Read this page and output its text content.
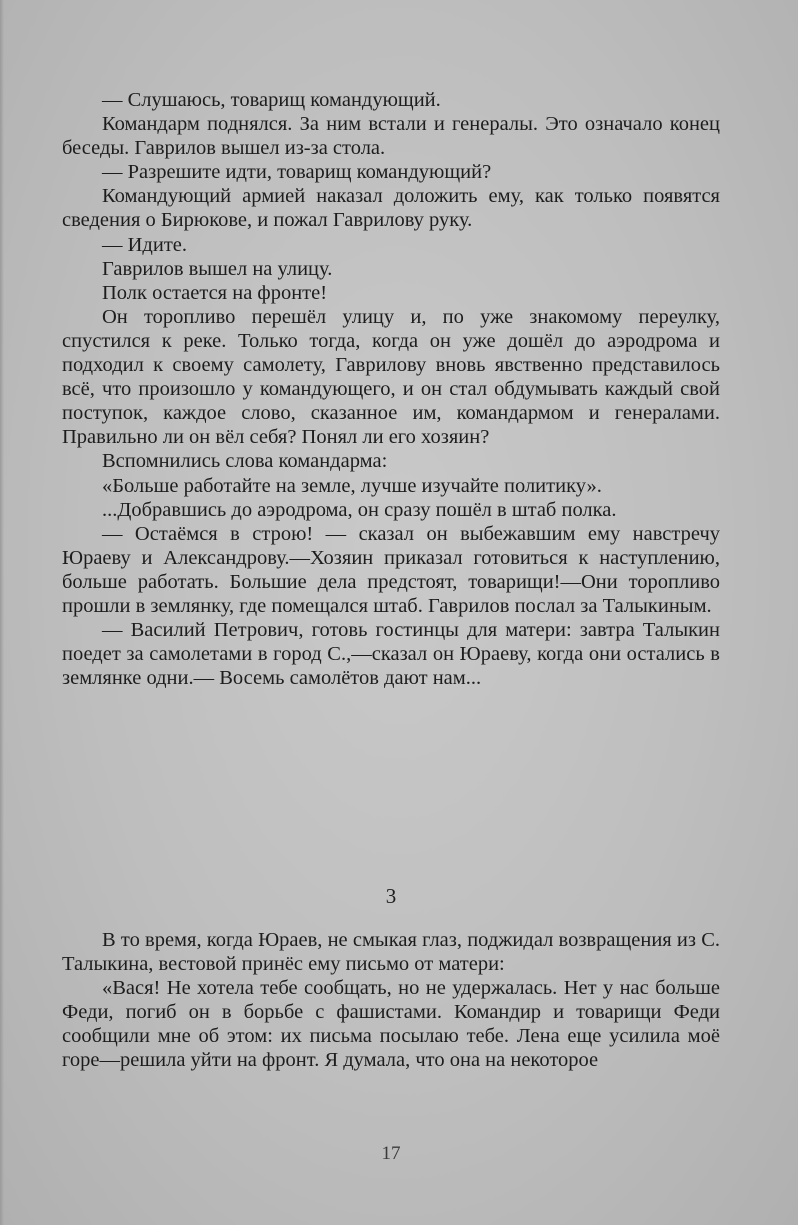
— Слушаюсь, товарищ командующий.

Командарм поднялся. За ним встали и генералы. Это означало конец беседы. Гаврилов вышел из-за стола.

— Разрешите идти, товарищ командующий?

Командующий армией наказал доложить ему, как только появятся сведения о Бирюкове, и пожал Гаврилову руку.

— Идите.

Гаврилов вышел на улицу.

Полк остается на фронте!

Он торопливо перешёл улицу и, по уже знакомому переулку, спустился к реке. Только тогда, когда он уже дошёл до аэродрома и подходил к своему самолету, Гаврилову вновь явственно представилось всё, что произошло у командующего, и он стал обдумывать каждый свой поступок, каждое слово, сказанное им, командармом и генералами. Правильно ли он вёл себя? Понял ли его хозяин?

Вспомнились слова командарма:

«Больше работайте на земле, лучше изучайте политику».

...Добравшись до аэродрома, он сразу пошёл в штаб полка.

— Остаёмся в строю! — сказал он выбежавшим ему навстречу Юраеву и Александрову.—Хозяин приказал готовиться к наступлению, больше работать. Большие дела предстоят, товарищи!—Они торопливо прошли в землянку, где помещался штаб. Гаврилов послал за Талыкиным.

— Василий Петрович, готовь гостинцы для матери: завтра Талыкин поедет за самолетами в город С.,—сказал он Юраеву, когда они остались в землянке одни.— Восемь самолётов дают нам...

3

В то время, когда Юраев, не смыкая глаз, поджидал возвращения из С. Талыкина, вестовой принёс ему письмо от матери:

«Вася! Не хотела тебе сообщать, но не удержалась. Нет у нас больше Феди, погиб он в борьбе с фашистами. Командир и товарищи Феди сообщили мне об этом: их письма посылаю тебе. Лена еще усилила моё горе—решила уйти на фронт. Я думала, что она на некоторое

17
